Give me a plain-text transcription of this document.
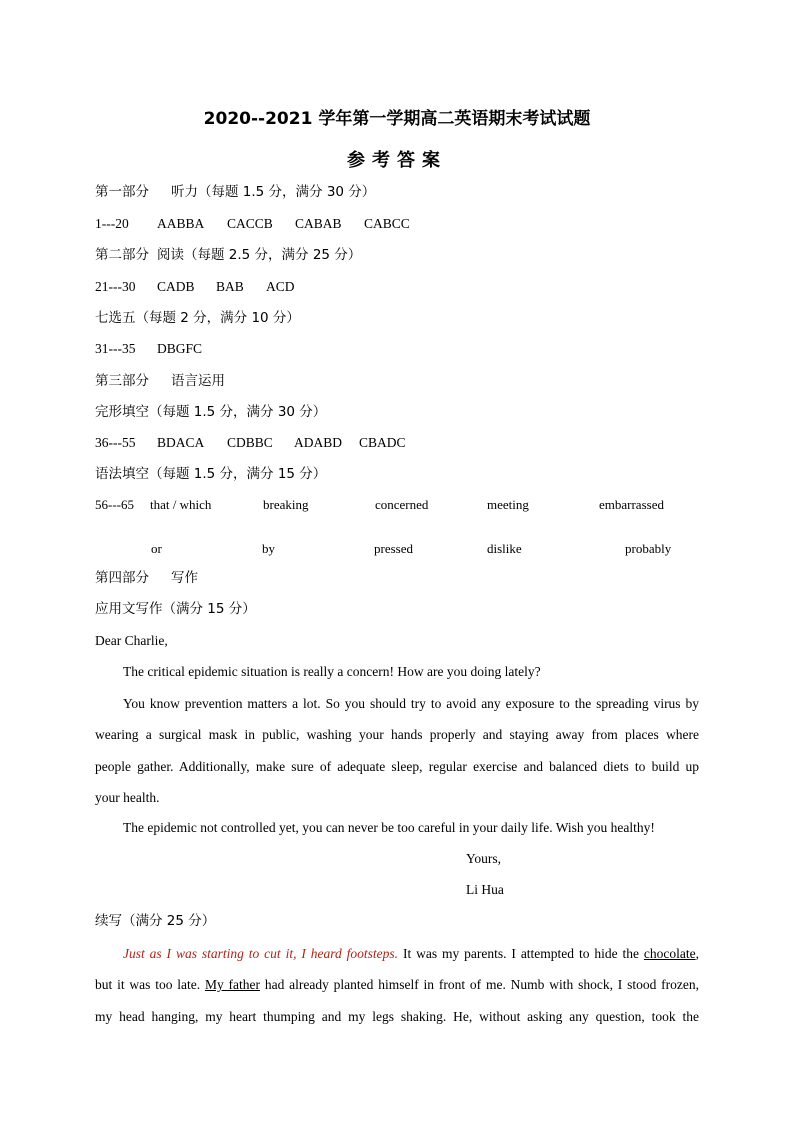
2020--2021 学年第一学期高二英语期末考试试题
参考答案
第一部分 听力（每题 1.5 分，满分 30 分）
1---20 AABBA CACCB CABAB CABCC
第二部分 阅读（每题 2.5 分，满分 25 分）
21---30 CADB BAB ACD
七选五（每题 2 分，满分 10 分）
31---35 DBGFC
第三部分 语言运用
完形填空（每题 1.5 分，满分 30 分）
36---55 BDACA CDBBC ADABD CBADC
语法填空（每题 1.5 分，满分 15 分）
56---65 that / which	breaking	concerned	meeting	embarrassed
or	by	pressed	dislike	probably
第四部分 写作
应用文写作（满分 15 分）
Dear Charlie,
The critical epidemic situation is really a concern! How are you doing lately?
You know prevention matters a lot. So you should try to avoid any exposure to the spreading virus by
wearing a surgical mask in public, washing your hands properly and staying away from places where
people gather. Additionally, make sure of adequate sleep, regular exercise and balanced diets to build up
your health.
The epidemic not controlled yet, you can never be too careful in your daily life. Wish you healthy!
Yours,
Li Hua
续写（满分 25 分）
Just as I was starting to cut it, I heard footsteps. It was my parents. I attempted to hide the chocolate,
but it was too late. My father had already planted himself in front of me. Numb with shock, I stood frozen,
my head hanging, my heart thumping and my legs shaking. He, without asking any question, took the
